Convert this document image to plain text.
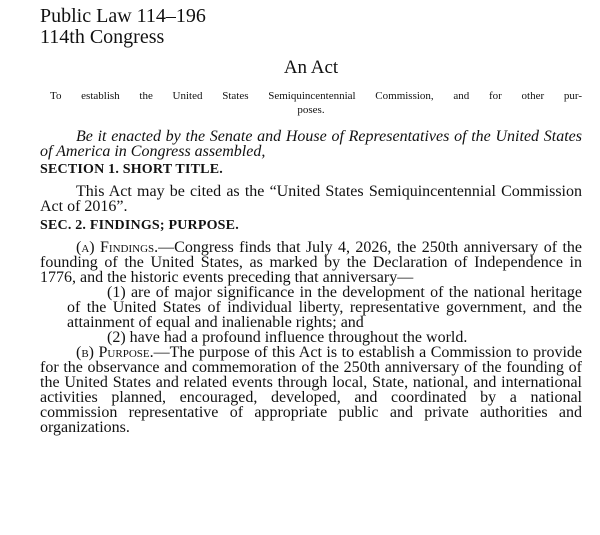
Public Law 114–196
114th Congress
An Act
To establish the United States Semiquincentennial Commission, and for other pur-
poses.

Be it enacted by the Senate and House of Representatives of the United States of America in Congress assembled,

SECTION 1. SHORT TITLE.

This Act may be cited as the “United States Semiquincentennial Commission Act of 2016”.

SEC. 2. FINDINGS; PURPOSE.

(a) Findings.—Congress finds that July 4, 2026, the 250th anniversary of the founding of the United States, as marked by the Declaration of Independence in 1776, and the historic events preceding that anniversary—

(1) are of major significance in the development of the national heritage of the United States of individual liberty, representative government, and the attainment of equal and inalienable rights; and

(2) have had a profound influence throughout the world.

(b) Purpose.—The purpose of this Act is to establish a Commission to provide for the observance and commemoration of the 250th anniversary of the founding of the United States and related events through local, State, national, and international activities planned, encouraged, developed, and coordinated by a national commission representative of appropriate public and private authorities and organizations.
